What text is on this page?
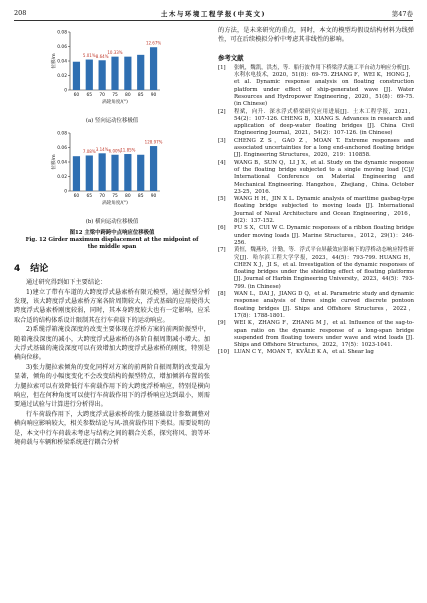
208	土木与环境工程学报(中英文)	第47卷
0
0.02
0.04
0.06
0.08
位移/m
60 65
5.01%
70
8.64%
75
10.33%
80 85 90
12.67%
涡轮角度/(°)
(a) 竖向运动位移极值
0
0.02
0.04
0.06
0.08
位移/m
60 65
7.08%
70
3.14%
75
6.00%
80
11.85%
85 90
128.97%
涡轮角度/(°)
(b) 横向运动位移极值
图12 主梁中跨跨中点响应位移极值
Fig. 12 Girder maximum displacement at the midpoint of the middle span
4 结论

通过研究得到如下主要结论：

1)建立了带有车道的大跨度浮式悬索桥有限元模型，通过振型分析发现，该大跨度浮式悬索桥方案各阶周期较大，浮式基础的应用使得大跨度浮式悬索桥刚度较弱，同时，其本身跨度较大也有一定影响，应采取合适的结构体系设计限制其在行车荷载下的运动响应。

2)系缆浮箱淹没深度的改变主要体现在浮桥方案的前两阶振型中，随着淹没深度的减小，大跨度浮式悬索桥的各阶自振周期减小增大。加大浮式基础的淹没深度可以有效增加大跨度浮式悬索桥的刚度，特别是横向位移。

3)张力腿拉索倾角的变化同样对方案的前两阶自振周期的改变最为显著，倾角的小幅度变化不会改变结构的振型特点，增加倾斜布置的张力腿拉索可以有效降低行车荷载作用下的大跨度浮桥响应，特别是横向响应，但在何种角度可以使行车荷载作用下的浮桥响应达到最小，则需要通过试验与计算进行分析得出。

行车荷载作用下，大跨度浮式悬索桥的张力腿基础设计参数调整对横向响应影响较大，相关参数结论与风-浪荷载作用下类似。需要说明的是，本文中行车荷载未考虑与结构之间的耦合关系，探究将风、浪等环境荷载与车辆和桥梁系统进行耦合分析

的方法，是未来研究的重点，同时，本文的模型均假设结构材料为线弹性，可在后续模拟分析中考虑其非线性的影响。

参考文献

[1] 张帆，魏凯，洪杰，等．船行波作用下桥梁浮式施工平台动力响应分析[J]．水利水电技术，2020，51(8)：69-75. ZHANG F，WEI K，HONG J，et al. Dynamic response analysis on floating construction platform under effect of ship-generated wave [J]. Water Resources and Hydropower Engineering，2020，51(8)：69-75. (in Chinese)
[2] 程斌，向升．深水浮式桥梁研究应用进展[J]．土木工程学报，2021，54(2)：107-126. CHENG B，XIANG S. Advances in research and application of deep-water floating bridges [J]. China Civil Engineering Journal，2021，54(2)：107-126. (in Chinese)
[3] CHENG Z S，GAO Z，MOAN T. Extreme responses and associated uncertainties for a long end-anchored floating bridge [J]. Engineering Structures，2020，219：110858.
[4] WANG B，SUN Q，LI J X，et al. Study on the dynamic response of the floating bridge subjected to a single moving load [C]// International Conference on Material Engineering and Mechanical Engineering. Hangzhou，Zhejiang，China. October 23-25，2016.
[5] WANG H H，JIN X L. Dynamic analysis of maritime gasbag-type floating bridge subjected to moving loads [J]. International Journal of Naval Architecture and Ocean Engineering，2016，8(2)：137-152.
[6] FU S X，CUI W C. Dynamic responses of a ribbon floating bridge under moving loads [J]. Marine Structures，2012，29(1)：246-256.
[7] 黄恒，魏燕玲，汁勤，等．浮式平台屏蔽效应影响下的浮桥动态响应特性研究[J]．哈尔滨工程大学学报，2023，44(5)：793-799. HUANG H，CHEN X J，JI S，et al. Investigation of the dynamic responses of floating bridges under the shielding effect of floating platforms [J]. Journal of Harbin Engineering University，2023，44(5)：793-799. (in Chinese)
[8] WAN L，DAI J，JIANG D Q，et al. Parametric study and dynamic response analysis of three single curved discrete pontoon floating bridges [J]. Ships and Offshore Structures，2022，17(8)：1788-1801.
[9] WEI K，ZHANG F，ZHANG M J，et al. Influence of the sag-to-span ratio on the dynamic response of a long-span bridge suspended from floating towers under wave and wind loads [J]. Ships and Offshore Structures，2022，17(5)：1023-1041.
[10] LUAN C Y，MOAN T，KVÅLE K A，et al. Shear lag
